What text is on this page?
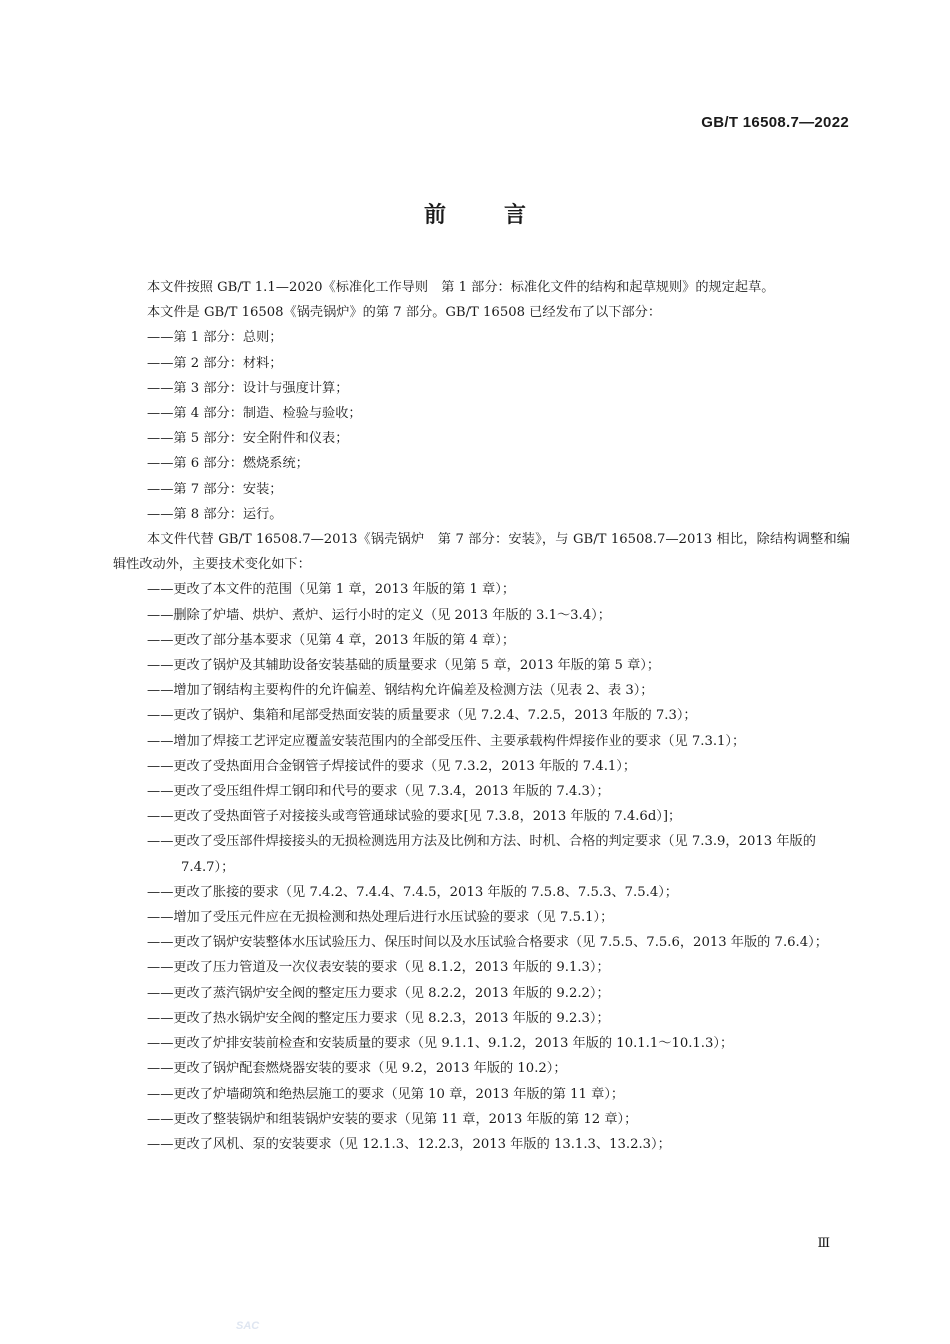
GB/T 16508.7—2022
前言
本文件按照 GB/T 1.1—2020《标准化工作导则　第 1 部分：标准化文件的结构和起草规则》的规定起草。
本文件是 GB/T 16508《锅壳锅炉》的第 7 部分。GB/T 16508 已经发布了以下部分：
——第 1 部分：总则；
——第 2 部分：材料；
——第 3 部分：设计与强度计算；
——第 4 部分：制造、检验与验收；
——第 5 部分：安全附件和仪表；
——第 6 部分：燃烧系统；
——第 7 部分：安装；
——第 8 部分：运行。
本文件代替 GB/T 16508.7—2013《锅壳锅炉　第 7 部分：安装》，与 GB/T 16508.7—2013 相比，除结构调整和编辑性改动外，主要技术变化如下：
——更改了本文件的范围（见第 1 章，2013 年版的第 1 章）；
——删除了炉墙、烘炉、煮炉、运行小时的定义（见 2013 年版的 3.1～3.4）；
——更改了部分基本要求（见第 4 章，2013 年版的第 4 章）；
——更改了锅炉及其辅助设备安装基础的质量要求（见第 5 章，2013 年版的第 5 章）；
——增加了钢结构主要构件的允许偏差、钢结构允许偏差及检测方法（见表 2、表 3）；
——更改了锅炉、集箱和尾部受热面安装的质量要求（见 7.2.4、7.2.5，2013 年版的 7.3）；
——增加了焊接工艺评定应覆盖安装范围内的全部受压件、主要承载构件焊接作业的要求（见 7.3.1）；
——更改了受热面用合金钢管子焊接试件的要求（见 7.3.2，2013 年版的 7.4.1）；
——更改了受压组件焊工钢印和代号的要求（见 7.3.4，2013 年版的 7.4.3）；
——更改了受热面管子对接接头或弯管通球试验的要求[见 7.3.8，2013 年版的 7.4.6d）]；
——更改了受压部件焊接接头的无损检测选用方法及比例和方法、时机、合格的判定要求（见 7.3.9，2013 年版的 7.4.7）；
——更改了胀接的要求（见 7.4.2、7.4.4、7.4.5，2013 年版的 7.5.8、7.5.3、7.5.4）；
——增加了受压元件应在无损检测和热处理后进行水压试验的要求（见 7.5.1）；
——更改了锅炉安装整体水压试验压力、保压时间以及水压试验合格要求（见 7.5.5、7.5.6，2013 年版的 7.6.4）；
——更改了压力管道及一次仪表安装的要求（见 8.1.2，2013 年版的 9.1.3）；
——更改了蒸汽锅炉安全阀的整定压力要求（见 8.2.2，2013 年版的 9.2.2）；
——更改了热水锅炉安全阀的整定压力要求（见 8.2.3，2013 年版的 9.2.3）；
——更改了炉排安装前检查和安装质量的要求（见 9.1.1、9.1.2，2013 年版的 10.1.1～10.1.3）；
——更改了锅炉配套燃烧器安装的要求（见 9.2，2013 年版的 10.2）；
——更改了炉墙砌筑和绝热层施工的要求（见第 10 章，2013 年版的第 11 章）；
——更改了整装锅炉和组装锅炉安装的要求（见第 11 章，2013 年版的第 12 章）；
——更改了风机、泵的安装要求（见 12.1.3、12.2.3，2013 年版的 13.1.3、13.2.3）；
Ⅲ
SAC
